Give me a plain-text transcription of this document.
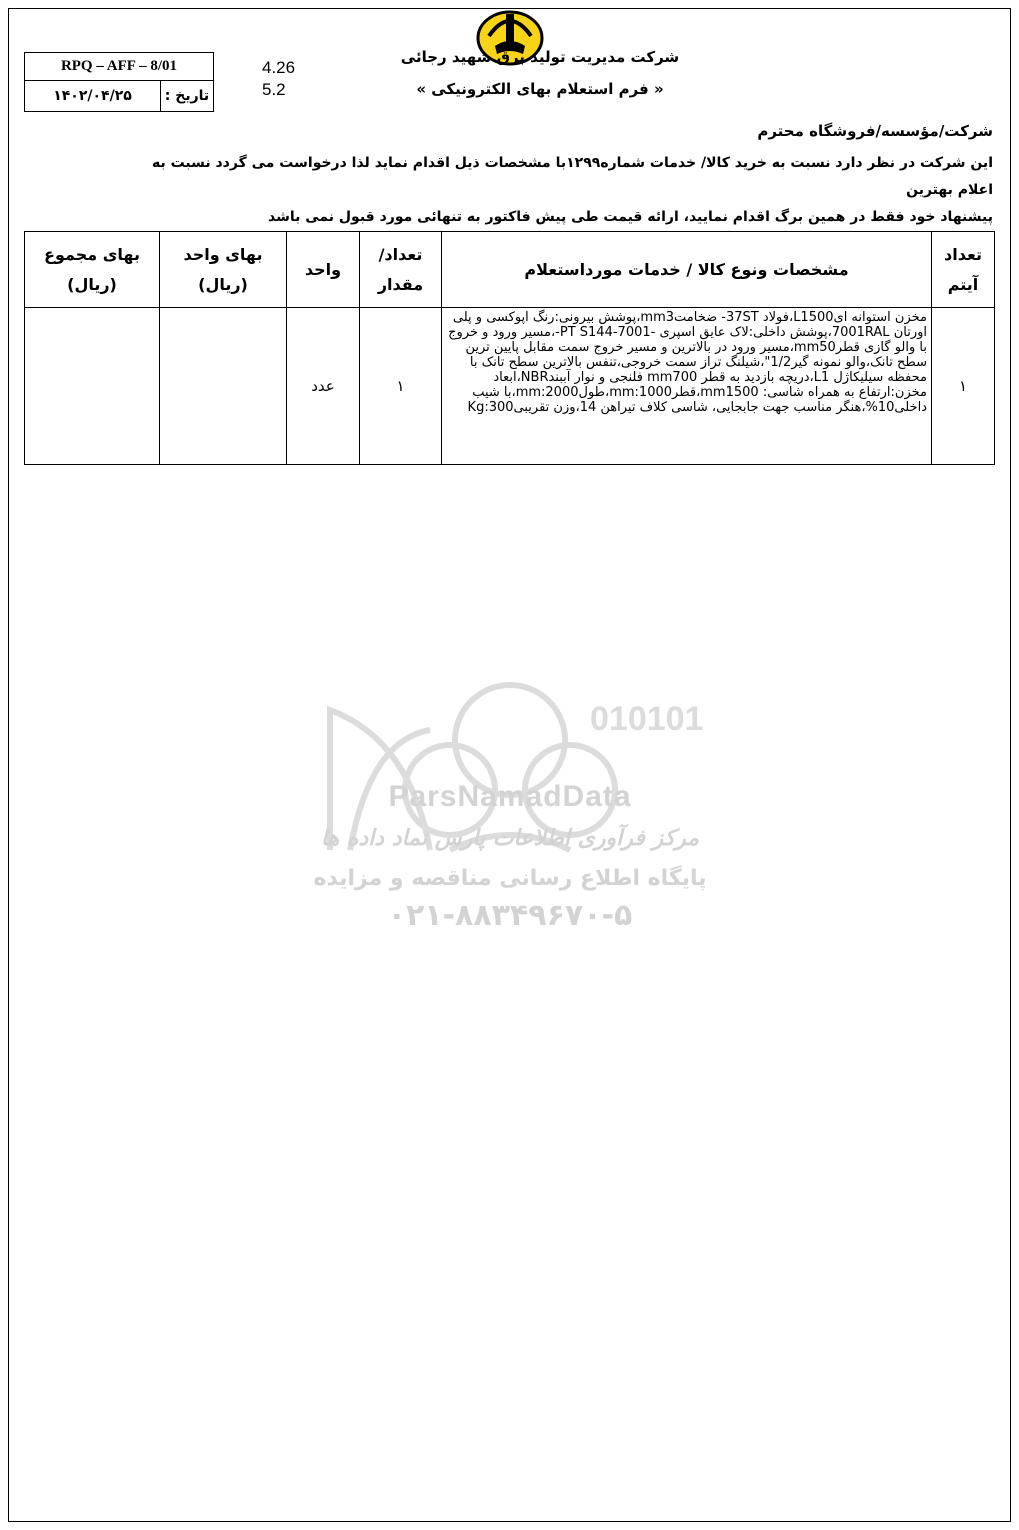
شرکت مدیریت تولید برق شهید رجائی
« فرم استعلام بهای الکترونیکی »
RPQ – AFF – 8/01
تاریخ :
۱۴۰۲/۰۴/۲۵
4.26
5.2
شرکت/مؤسسه/فروشگاه محترم
این شرکت در نظر دارد نسبت به خرید کالا/ خدمات شماره۱۲۹۹با مشخصات ذیل اقدام نماید لذا درخواست می گردد نسبت به اعلام بهترین
پیشنهاد خود فقط در همین برگ اقدام نمایید، ارائه قیمت طی پیش فاکتور به تنهائی مورد قبول نمی باشد
تعداد آیتم	مشخصات ونوع کالا / خدمات مورداستعلام	تعداد/ مقدار	واحد	بهای واحد (ریال)	بهای مجموع (ریال)
۱	مخزن استوانه ایL1500،فولاد 37ST- ضخامتmm3،پوشش بیرونی:رنگ اپوکسی و پلی اورتان 7001RAL،پوشش داخلی:لاک عایق اسپری -PT S144-7001-،مسیر ورود و خروج با والو گازی قطرmm50،مسیر ورود در بالاترین و مسیر خروج سمت مقابل پایین ترین سطح تانک،والو نمونه گیر1/2"،شیلنگ تراز سمت خروجی،تنفس بالاترین سطح تانک با محفظه سیلیکاژل L1،دریچه بازدید به قطر mm700 فلنجی و نوار آببندNBR،ابعاد مخزن:ارتفاع به همراه شاسی: mm1500،قطرmm:1000،طولmm:2000،با شیب داخلی10%،هنگر مناسب جهت جابجایی، شاسی کلاف تیراهن 14،وزن تقریبیKg:300	۱	عدد		
010101
ParsNamadData
مرکز فرآوری اطلاعات پارس نماد داده ها
پایگاه اطلاع رسانی مناقصه و مزایده
۰۲۱-۸۸۳۴۹۶۷۰-۵
